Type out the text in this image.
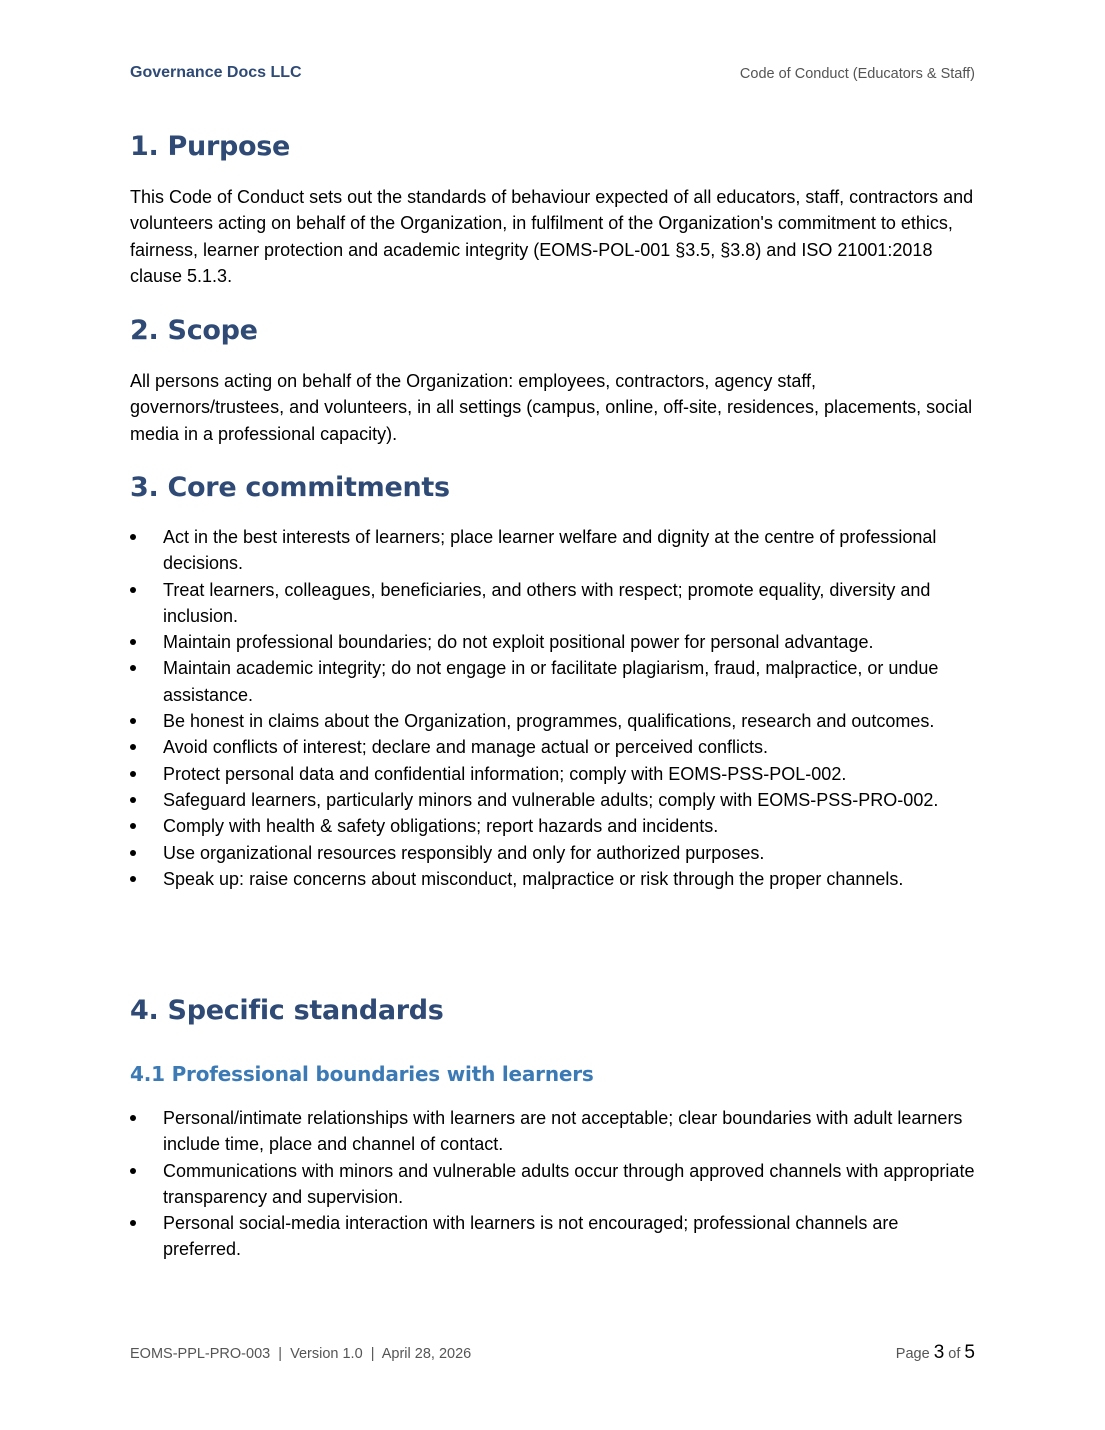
Governance Docs LLC	Code of Conduct (Educators & Staff)
1. Purpose

This Code of Conduct sets out the standards of behaviour expected of all educators, staff, contractors and volunteers acting on behalf of the Organization, in fulfilment of the Organization's commitment to ethics, fairness, learner protection and academic integrity (EOMS-POL-001 §3.5, §3.8) and ISO 21001:2018 clause 5.1.3.

2. Scope

All persons acting on behalf of the Organization: employees, contractors, agency staff, governors/trustees, and volunteers, in all settings (campus, online, off-site, residences, placements, social media in a professional capacity).

3. Core commitments
Act in the best interests of learners; place learner welfare and dignity at the centre of professional decisions.
Treat learners, colleagues, beneficiaries, and others with respect; promote equality, diversity and inclusion.
Maintain professional boundaries; do not exploit positional power for personal advantage.
Maintain academic integrity; do not engage in or facilitate plagiarism, fraud, malpractice, or undue assistance.
Be honest in claims about the Organization, programmes, qualifications, research and outcomes.
Avoid conflicts of interest; declare and manage actual or perceived conflicts.
Protect personal data and confidential information; comply with EOMS-PSS-POL-002.
Safeguard learners, particularly minors and vulnerable adults; comply with EOMS-PSS-PRO-002.
Comply with health & safety obligations; report hazards and incidents.
Use organizational resources responsibly and only for authorized purposes.
Speak up: raise concerns about misconduct, malpractice or risk through the proper channels.
4. Specific standards
4.1 Professional boundaries with learners
Personal/intimate relationships with learners are not acceptable; clear boundaries with adult learners include time, place and channel of contact.
Communications with minors and vulnerable adults occur through approved channels with appropriate transparency and supervision.
Personal social-media interaction with learners is not encouraged; professional channels are preferred.
EOMS-PPL-PRO-003  |  Version 1.0  |  April 28, 2026	Page 3 of 5
